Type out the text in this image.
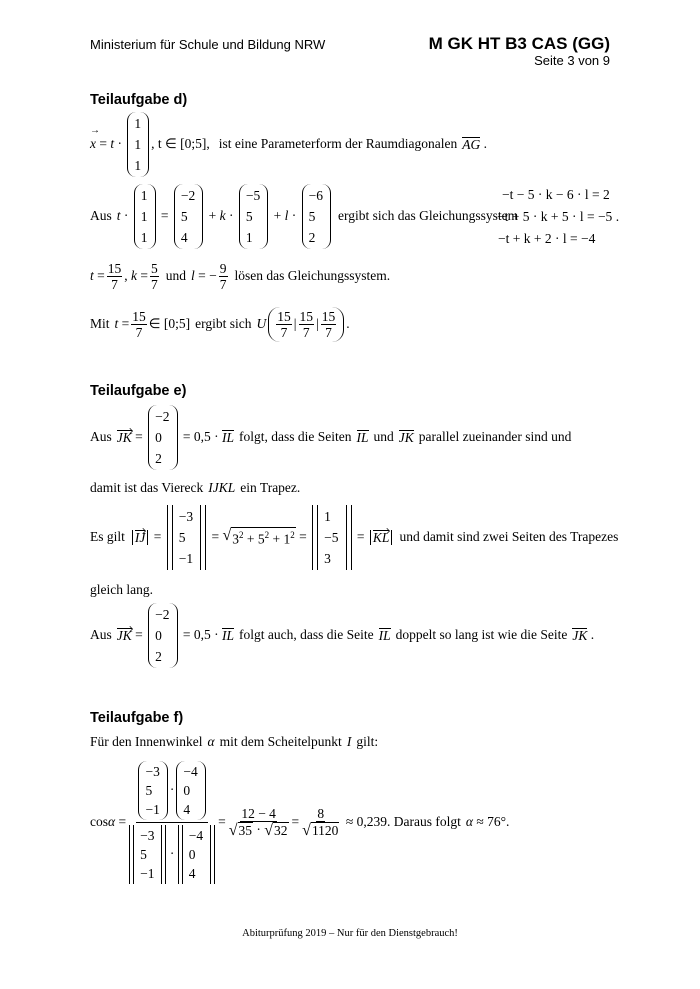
Ministerium für Schule und Bildung NRW	M GK HT B3 CAS (GG)
Seite 3 von 9
Teilaufgabe d)
→ x = t ·
1
1
1
, t ∈ [0;5], ist eine Parameterform der Raumdiagonalen AG .
Aus t ·
1
1
1
=
−2
5
4
+ k ·
−5
5
1
+ l ·
−6
5
2
ergibt sich das Gleichungssystem
−t − 5 · k − 6 · l = 2
−t + 5 · k + 5 · l = −5 .
−t + k + 2 · l = −4
$t = \frac{15}{7}$ , $k = \frac{5}{7}$ und l = − $\frac{9}{7}$ lösen das Gleichungssystem.
Mit $t = \frac{15}{7}$ ∈ [0;5] ergibt sich U 15
7
| 15
7
| 15
7
.
Teilaufgabe e)
Aus JK =
−2
0
2
= 0,5 · IL folgt, dass die Seiten IL und JK parallel zueinander sind und
damit ist das Viereck IJKL ein Trapez.
Es gilt IJ =
−3
5
−1
= √ $3^2 + 5^2 + 1^2$ =
1
−5
3
= KL und damit sind zwei Seiten des Trapezes
gleich lang.
Aus JK =
−2
0
2
= 0,5 · IL folgt auch, dass die Seite IL doppelt so lang ist wie die Seite JK .
Teilaufgabe f)
Für den Innenwinkel α mit dem Scheitelpunkt I gilt:
cos α = −3
5
−1
·
−4
0
4
−3
5
−1
·
−4
0
$4 = \frac{12 - 4}{√ 35 \cdot √ 32} = \frac{8}{√ 1120}$
≈ 0,239 . Daraus folgt α
≈ 76°.
Abiturprüfung 2019 – Nur für den Dienstgebrauch!
